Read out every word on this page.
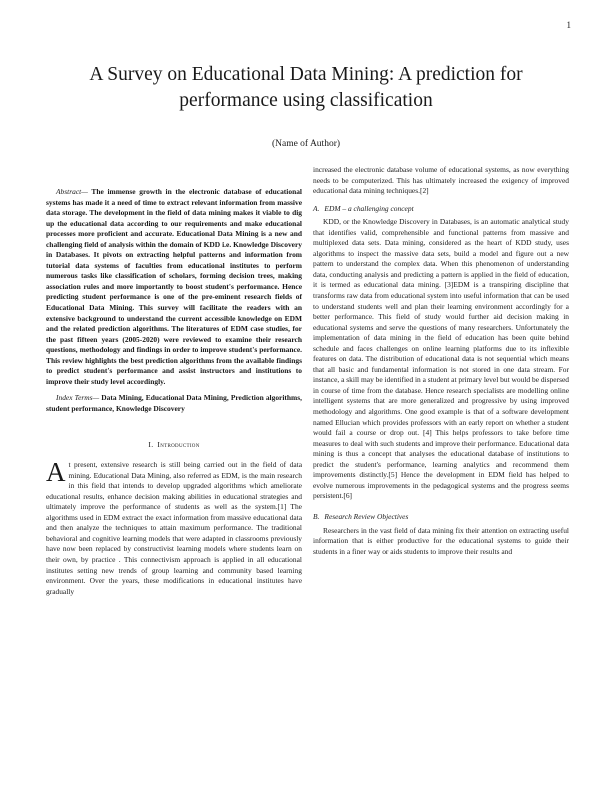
1
A Survey on Educational Data Mining: A prediction for performance using classification
(Name of Author)

Abstract— The immense growth in the electronic database of educational systems has made it a need of time to extract relevant information from massive data storage. The development in the field of data mining makes it viable to dig up the educational data according to our requirements and make educational processes more proficient and accurate. Educational Data Mining is a new and challenging field of analysis within the domain of KDD i.e. Knowledge Discovery in Databases. It pivots on extracting helpful patterns and information from tutorial data systems of faculties from educational institutes to perform numerous tasks like classification of scholars, forming decision trees, making association rules and more importantly to boost student's performance. Hence predicting student performance is one of the pre-eminent research fields of Educational Data Mining. This survey will facilitate the readers with an extensive background to understand the current accessible knowledge on EDM and the related prediction algorithms. The literatures of EDM case studies, for the past fifteen years (2005-2020) were reviewed to examine their research questions, methodology and findings in order to improve student's performance. This review highlights the best prediction algorithms from the available findings to predict student's performance and assist instructors and institutions to improve their study level accordingly.

Index Terms— Data Mining, Educational Data Mining, Prediction algorithms, student performance, Knowledge Discovery

I. Introduction

At present, extensive research is still being carried out in the field of data mining. Educational Data Mining, also referred as EDM, is the main research in this field that intends to develop upgraded algorithms which ameliorate educational results, enhance decision making abilities in educational strategies and ultimately improve the performance of students as well as the system.[1] The algorithms used in EDM extract the exact information from massive educational data and then analyze the techniques to attain maximum performance. The traditional behavioral and cognitive learning models that were adapted in classrooms previously have now been replaced by constructivist learning models where students learn on their own, by practice . This connectivism approach is applied in all educational institutes setting new trends of group learning and community based learning environment. Over the years, these modifications in educational institutes have gradually

increased the electronic database volume of educational systems, as now everything needs to be computerized. This has ultimately increased the exigency of improved educational data mining techniques.[2]

A. EDM – a challenging concept

KDD, or the Knowledge Discovery in Databases, is an automatic analytical study that identifies valid, comprehensible and functional patterns from massive and multiplexed data sets. Data mining, considered as the heart of KDD study, uses algorithms to inspect the massive data sets, build a model and figure out a new pattern to understand the complex data. When this phenomenon of understanding data, conducting analysis and predicting a pattern is applied in the field of education, it is termed as educational data mining. [3]EDM is a transpiring discipline that transforms raw data from educational system into useful information that can be used to understand students well and plan their learning environment accordingly for a better performance. This field of study would further aid decision making in educational systems and serve the questions of many researchers. Unfortunately the implementation of data mining in the field of education has been quite behind schedule and faces challenges on online learning platforms due to its inflexible features on data. The distribution of educational data is not sequential which means that all basic and fundamental information is not stored in one data stream. For instance, a skill may be identified in a student at primary level but would be dispersed in course of time from the database. Hence research specialists are modelling online intelligent systems that are more generalized and progressive by using improved methodology and algorithms. One good example is that of a software development named Ellucian which provides professors with an early report on whether a student would fail a course or drop out. [4] This helps professors to take before time measures to deal with such students and improve their performance. Educational data mining is thus a concept that analyses the educational database of institutions to predict the student's performance, learning analytics and recommend them improvements distinctly.[5] Hence the development in EDM field has helped to evolve numerous improvements in the pedagogical systems and the progress seems persistent.[6]

B. Research Review Objectives

Researchers in the vast field of data mining fix their attention on extracting useful information that is either productive for the educational systems to guide their students in a finer way or aids students to improve their results and
